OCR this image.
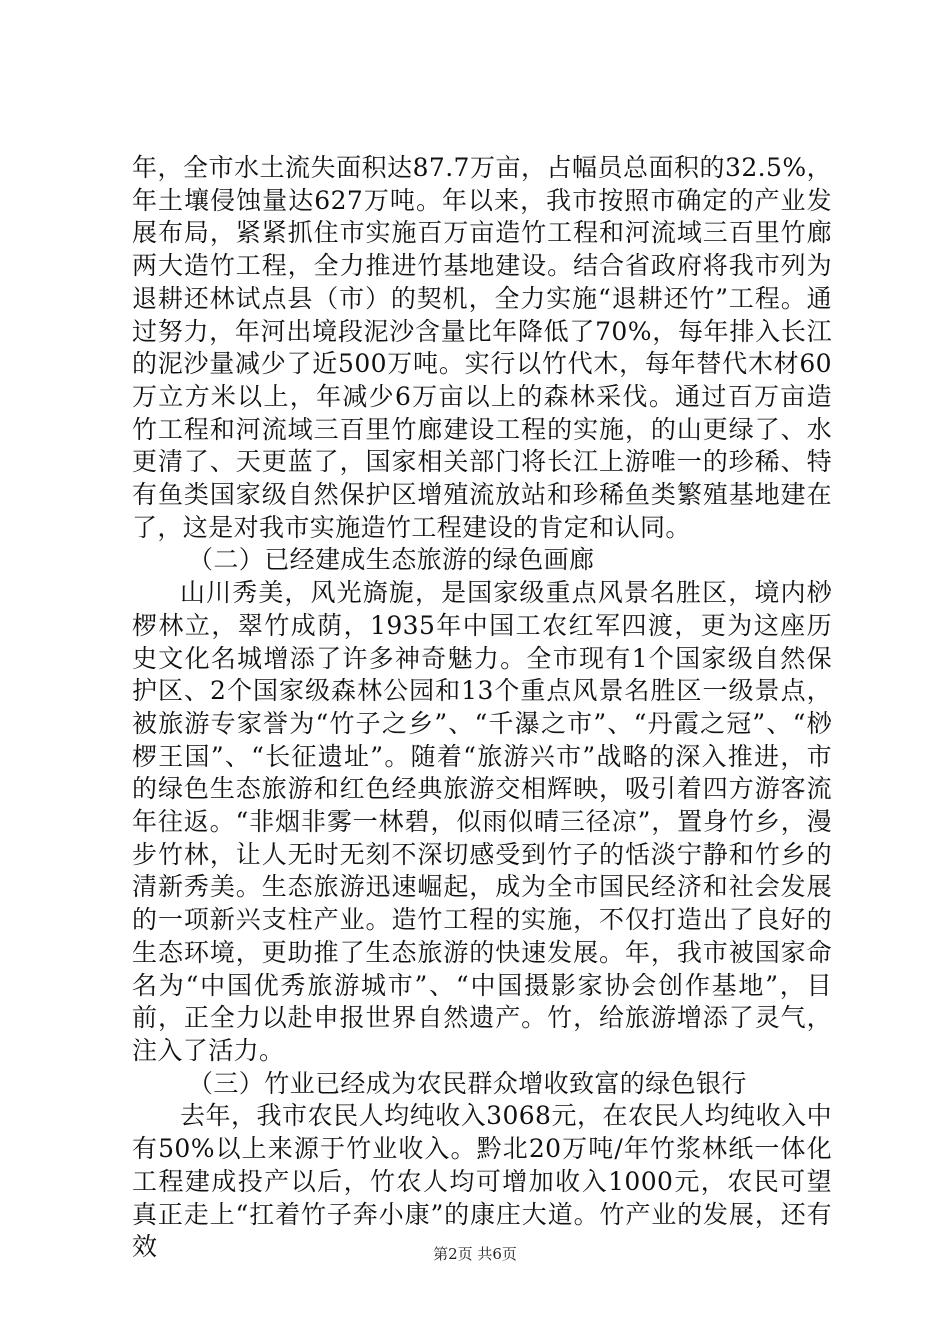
年，全市水土流失面积达87.7万亩，占幅员总面积的32.5%，年土壤侵蚀量达627万吨。年以来，我市按照市确定的产业发展布局，紧紧抓住市实施百万亩造竹工程和河流域三百里竹廊两大造竹工程，全力推进竹基地建设。结合省政府将我市列为退耕还林试点县（市）的契机，全力实施“退耕还竹”工程。通过努力，年河出境段泥沙含量比年降低了70%，每年排入长江的泥沙量减少了近500万吨。实行以竹代木，每年替代木材60万立方米以上，年减少6万亩以上的森林采伐。通过百万亩造竹工程和河流域三百里竹廊建设工程的实施，的山更绿了、水更清了、天更蓝了，国家相关部门将长江上游唯一的珍稀、特有鱼类国家级自然保护区增殖流放站和珍稀鱼类繁殖基地建在了，这是对我市实施造竹工程建设的肯定和认同。

（二）已经建成生态旅游的绿色画廊

山川秀美，风光旖旎，是国家级重点风景名胜区，境内桫椤林立，翠竹成荫，1935年中国工农红军四渡，更为这座历史文化名城增添了许多神奇魅力。全市现有1个国家级自然保护区、2个国家级森林公园和13个重点风景名胜区一级景点，被旅游专家誉为“竹子之乡”、“千瀑之市”、“丹霞之冠”、“桫椤王国”、“长征遗址”。随着“旅游兴市”战略的深入推进，市的绿色生态旅游和红色经典旅游交相辉映，吸引着四方游客流年往返。“非烟非雾一林碧，似雨似晴三径凉”，置身竹乡，漫步竹林，让人无时无刻不深切感受到竹子的恬淡宁静和竹乡的清新秀美。生态旅游迅速崛起，成为全市国民经济和社会发展的一项新兴支柱产业。造竹工程的实施，不仅打造出了良好的生态环境，更助推了生态旅游的快速发展。年，我市被国家命名为“中国优秀旅游城市”、“中国摄影家协会创作基地”，目前，正全力以赴申报世界自然遗产。竹，给旅游增添了灵气，注入了活力。

（三）竹业已经成为农民群众增收致富的绿色银行

去年，我市农民人均纯收入3068元，在农民人均纯收入中有50%以上来源于竹业收入。黔北20万吨/年竹浆林纸一体化工程建成投产以后，竹农人均可增加收入1000元，农民可望真正走上“扛着竹子奔小康”的康庄大道。竹产业的发展，还有效	第2页 共6页
